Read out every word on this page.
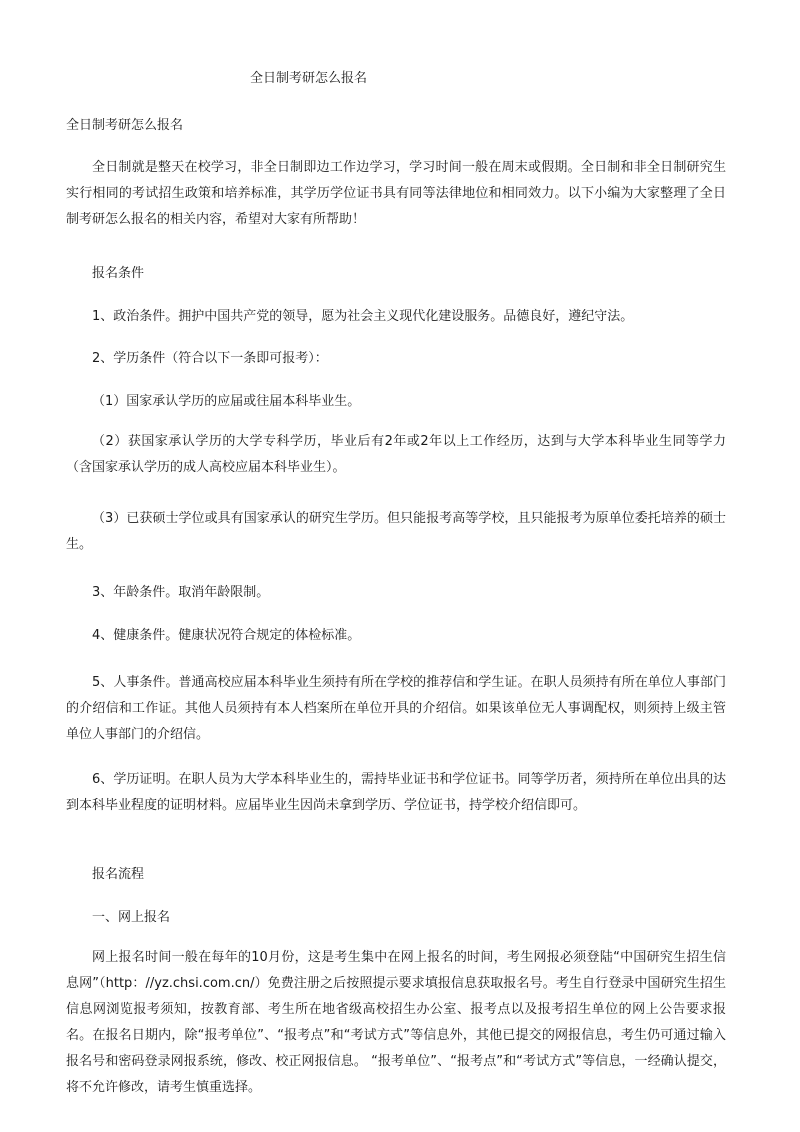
全日制考研怎么报名
全日制考研怎么报名
全日制就是整天在校学习，非全日制即边工作边学习，学习时间一般在周末或假期。全日制和非全日制研究生实行相同的考试招生政策和培养标准，其学历学位证书具有同等法律地位和相同效力。以下小编为大家整理了全日制考研怎么报名的相关内容，希望对大家有所帮助！
报名条件
1、政治条件。拥护中国共产党的领导，愿为社会主义现代化建设服务。品德良好，遵纪守法。
2、学历条件（符合以下一条即可报考）：
（1）国家承认学历的应届或往届本科毕业生。
（2）获国家承认学历的大学专科学历，毕业后有2年或2年以上工作经历，达到与大学本科毕业生同等学力（含国家承认学历的成人高校应届本科毕业生）。
（3）已获硕士学位或具有国家承认的研究生学历。但只能报考高等学校，且只能报考为原单位委托培养的硕士生。
3、年龄条件。取消年龄限制。
4、健康条件。健康状况符合规定的体检标准。
5、人事条件。普通高校应届本科毕业生须持有所在学校的推荐信和学生证。在职人员须持有所在单位人事部门的介绍信和工作证。其他人员须持有本人档案所在单位开具的介绍信。如果该单位无人事调配权，则须持上级主管单位人事部门的介绍信。
6、学历证明。在职人员为大学本科毕业生的，需持毕业证书和学位证书。同等学历者，须持所在单位出具的达到本科毕业程度的证明材料。应届毕业生因尚未拿到学历、学位证书，持学校介绍信即可。
报名流程
一、网上报名
网上报名时间一般在每年的10月份，这是考生集中在网上报名的时间，考生网报必须登陆“中国研究生招生信息网”（http：//yz.chsi.com.cn/）免费注册之后按照提示要求填报信息获取报名号。考生自行登录中国研究生招生信息网浏览报考须知，按教育部、考生所在地省级高校招生办公室、报考点以及报考招生单位的网上公告要求报名。在报名日期内，除“报考单位”、“报考点”和“考试方式”等信息外，其他已提交的网报信息，考生仍可通过输入报名号和密码登录网报系统，修改、校正网报信息。 “报考单位”、“报考点”和“考试方式”等信息，一经确认提交，将不允许修改，请考生慎重选择。
